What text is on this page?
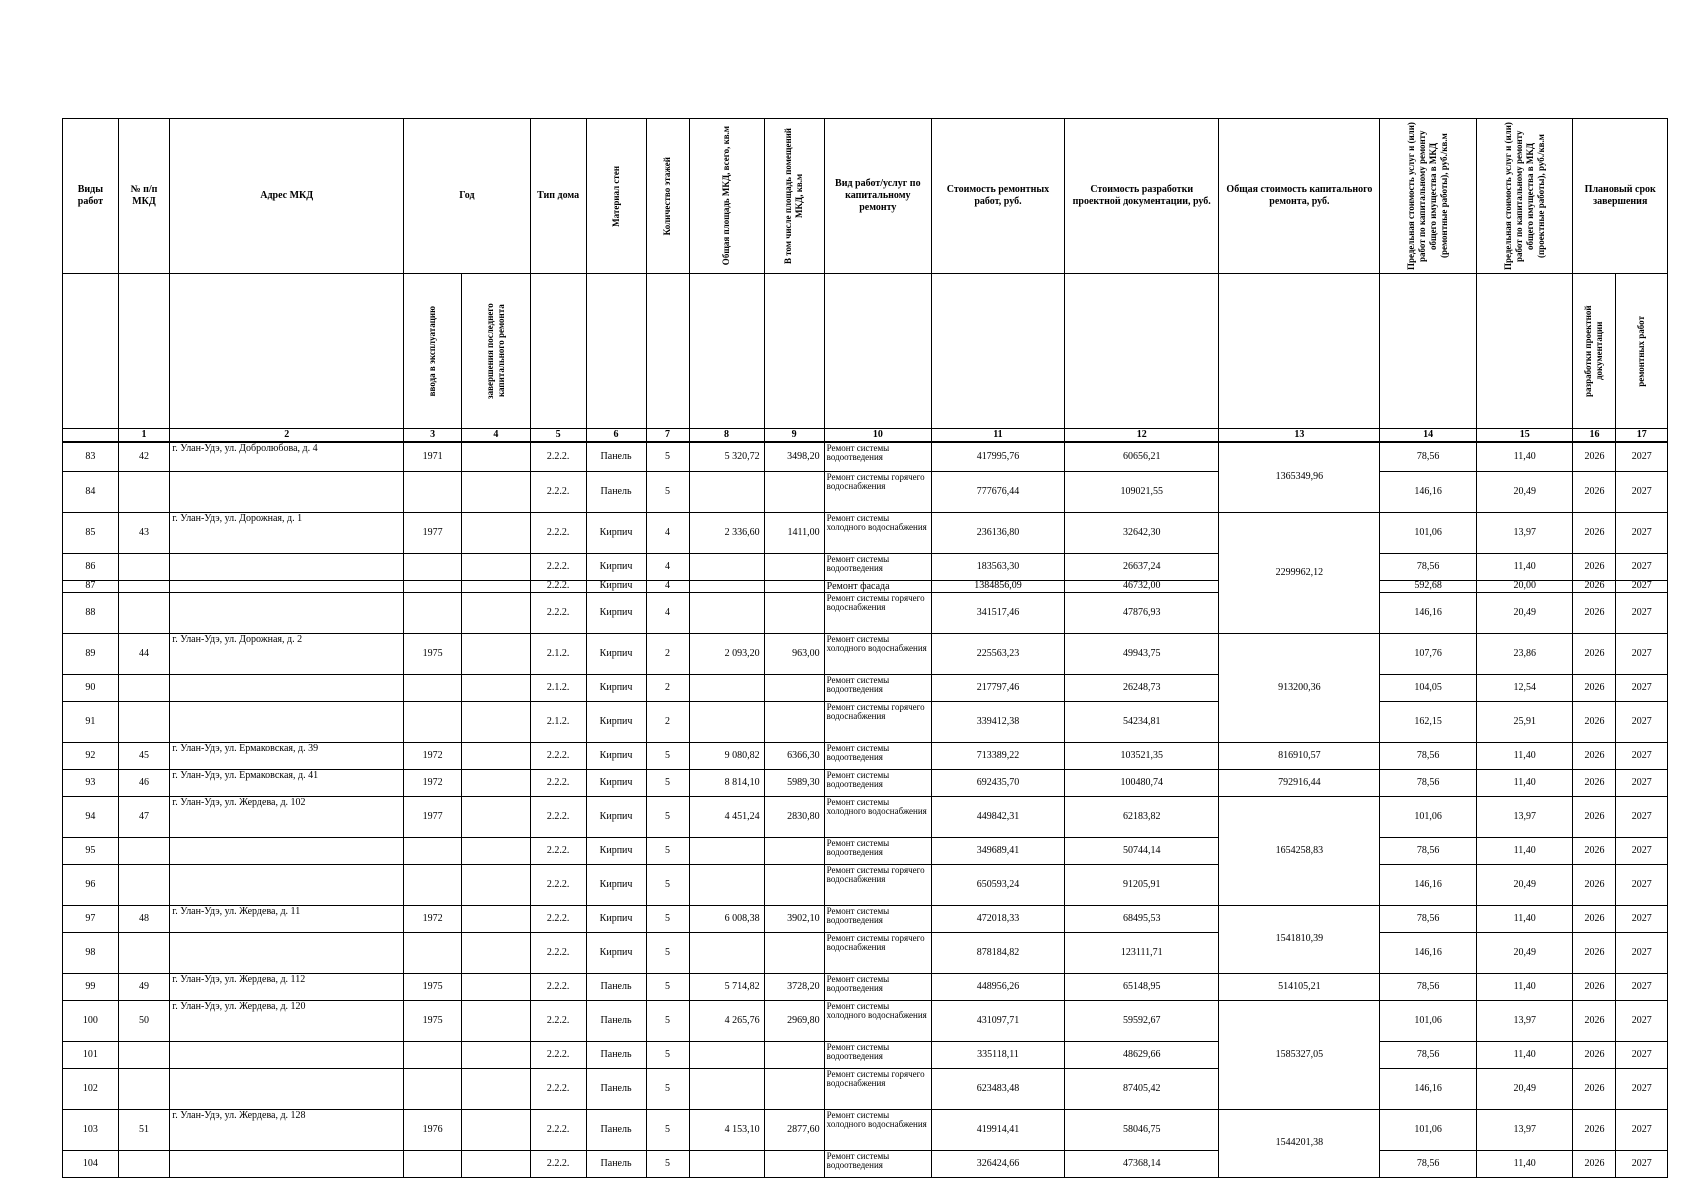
Виды работ	№ п/п МКД	Адрес МКД	Год		Тип дома	Материал стен	Количество этажей	Общая площадь МКД, всего, кв.м	В том числе площадь помещений МКД, кв.м	Вид работ/услуг по капитальному ремонту	Стоимость ремонтных работ, руб.	Стоимость разработки проектной документации, руб.	Общая стоимость капитального ремонта, руб.	Предельная стоимость услуг и (или) работ по капитальному ремонту общего имущества в МКД (ремонтные работы), руб./кв.м	Предельная стоимость услуг и (или) работ по капитальному ремонту общего имущества в МКД (проектные работы), руб./кв.м	Плановый срок завершения	

			ввода в эксплуатацию	завершения последнего капитального ремонта												разработки проектной документации	ремонтных работ

	1	2	3	4	5	6	7	8	9	10	11	12	13	14	15	16	17
83	42	г. Улан-Удэ, ул. Добролюбова, д. 4	1971		2.2.2.	Панель	5	5 320,72	3498,20	Ремонт системы водоотведения	417995,76	60656,21	1365349,96	78,56	11,40	2026	2027
84					2.2.2.	Панель	5			Ремонт системы горячего водоснабжения	777676,44	109021,55		146,16	20,49	2026	2027
85	43	г. Улан-Удэ, ул. Дорожная, д. 1	1977		2.2.2.	Кирпич	4	2 336,60	1411,00	Ремонт системы холодного водоснабжения	236136,80	32642,30	2299962,12	101,06	13,97	2026	2027
86					2.2.2.	Кирпич	4			Ремонт системы водоотведения	183563,30	26637,24		78,56	11,40	2026	2027
87					2.2.2.	Кирпич	4			Ремонт фасада	1384856,09	46732,00		592,68	20,00	2026	2027
88					2.2.2.	Кирпич	4			Ремонт системы горячего водоснабжения	341517,46	47876,93		146,16	20,49	2026	2027
89	44	г. Улан-Удэ, ул. Дорожная, д. 2	1975		2.1.2.	Кирпич	2	2 093,20	963,00	Ремонт системы холодного водоснабжения	225563,23	49943,75	913200,36	107,76	23,86	2026	2027
90					2.1.2.	Кирпич	2			Ремонт системы водоотведения	217797,46	26248,73		104,05	12,54	2026	2027
91					2.1.2.	Кирпич	2			Ремонт системы горячего водоснабжения	339412,38	54234,81		162,15	25,91	2026	2027
92	45	г. Улан-Удэ, ул. Ермаковская, д. 39	1972		2.2.2.	Кирпич	5	9 080,82	6366,30	Ремонт системы водоотведения	713389,22	103521,35	816910,57	78,56	11,40	2026	2027
93	46	г. Улан-Удэ, ул. Ермаковская, д. 41	1972		2.2.2.	Кирпич	5	8 814,10	5989,30	Ремонт системы водоотведения	692435,70	100480,74	792916,44	78,56	11,40	2026	2027
94	47	г. Улан-Удэ, ул. Жердева, д. 102	1977		2.2.2.	Кирпич	5	4 451,24	2830,80	Ремонт системы холодного водоснабжения	449842,31	62183,82	1654258,83	101,06	13,97	2026	2027
95					2.2.2.	Кирпич	5			Ремонт системы водоотведения	349689,41	50744,14		78,56	11,40	2026	2027
96					2.2.2.	Кирпич	5			Ремонт системы горячего водоснабжения	650593,24	91205,91		146,16	20,49	2026	2027
97	48	г. Улан-Удэ, ул. Жердева, д. 11	1972		2.2.2.	Кирпич	5	6 008,38	3902,10	Ремонт системы водоотведения	472018,33	68495,53	1541810,39	78,56	11,40	2026	2027
98					2.2.2.	Кирпич	5			Ремонт системы горячего водоснабжения	878184,82	123111,71		146,16	20,49	2026	2027
99	49	г. Улан-Удэ, ул. Жердева, д. 112	1975		2.2.2.	Панель	5	5 714,82	3728,20	Ремонт системы водоотведения	448956,26	65148,95	514105,21	78,56	11,40	2026	2027
100	50	г. Улан-Удэ, ул. Жердева, д. 120	1975		2.2.2.	Панель	5	4 265,76	2969,80	Ремонт системы холодного водоснабжения	431097,71	59592,67	1585327,05	101,06	13,97	2026	2027
101					2.2.2.	Панель	5			Ремонт системы водоотведения	335118,11	48629,66		78,56	11,40	2026	2027
102					2.2.2.	Панель	5			Ремонт системы горячего водоснабжения	623483,48	87405,42		146,16	20,49	2026	2027
103	51	г. Улан-Удэ, ул. Жердева, д. 128	1976		2.2.2.	Панель	5	4 153,10	2877,60	Ремонт системы холодного водоснабжения	419914,41	58046,75	1544201,38	101,06	13,97	2026	2027
104					2.2.2.	Панель	5			Ремонт системы водоотведения	326424,66	47368,14		78,56	11,40	2026	2027
